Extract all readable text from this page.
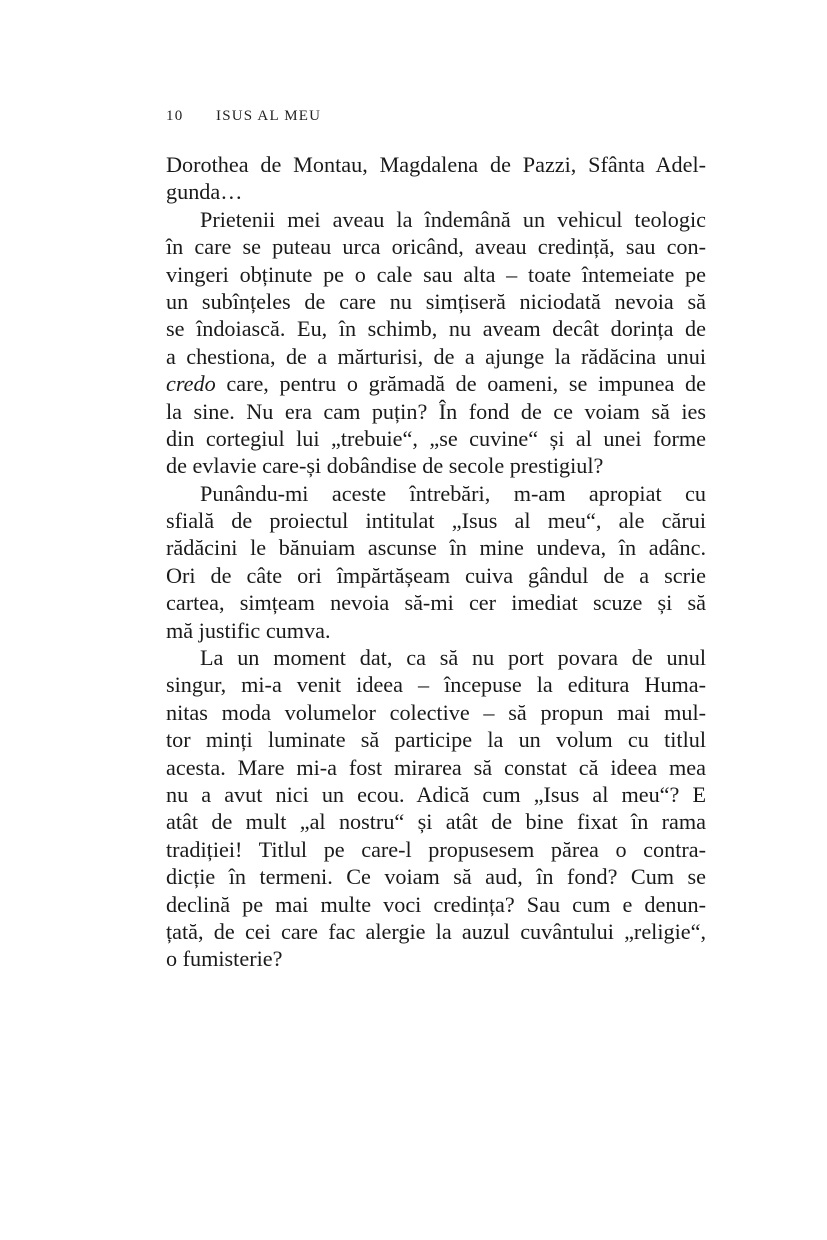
10	ISUS AL MEU
Dorothea de Montau, Magdalena de Pazzi, Sfânta Adel-
gunda…
Prietenii mei aveau la îndemână un vehicul teologic
în care se puteau urca oricând, aveau credință, sau con-
vingeri obținute pe o cale sau alta – toate întemeiate pe
un subînțeles de care nu simțiseră niciodată nevoia să
se îndoiască. Eu, în schimb, nu aveam decât dorința de
a chestiona, de a mărturisi, de a ajunge la rădăcina unui
credo care, pentru o grămadă de oameni, se impunea de
la sine. Nu era cam puțin? În fond de ce voiam să ies
din cortegiul lui „trebuie“, „se cuvine“ și al unei forme
de evlavie care-și dobândise de secole prestigiul?
Punându-mi aceste întrebări, m-am apropiat cu
sfială de proiectul intitulat „Isus al meu“, ale cărui
rădăcini le bănuiam ascunse în mine undeva, în adânc.
Ori de câte ori împărtășeam cuiva gândul de a scrie
cartea, simțeam nevoia să-mi cer imediat scuze și să
mă justific cumva.
La un moment dat, ca să nu port povara de unul
singur, mi-a venit ideea – începuse la editura Huma-
nitas moda volumelor colective – să propun mai mul-
tor minți luminate să participe la un volum cu titlul
acesta. Mare mi-a fost mirarea să constat că ideea mea
nu a avut nici un ecou. Adică cum „Isus al meu“? E
atât de mult „al nostru“ și atât de bine fixat în rama
tradiției! Titlul pe care-l propusesem părea o contra-
dicție în termeni. Ce voiam să aud, în fond? Cum se
declină pe mai multe voci credința? Sau cum e denun-
țată, de cei care fac alergie la auzul cuvântului „religie“,
o fumisterie?
